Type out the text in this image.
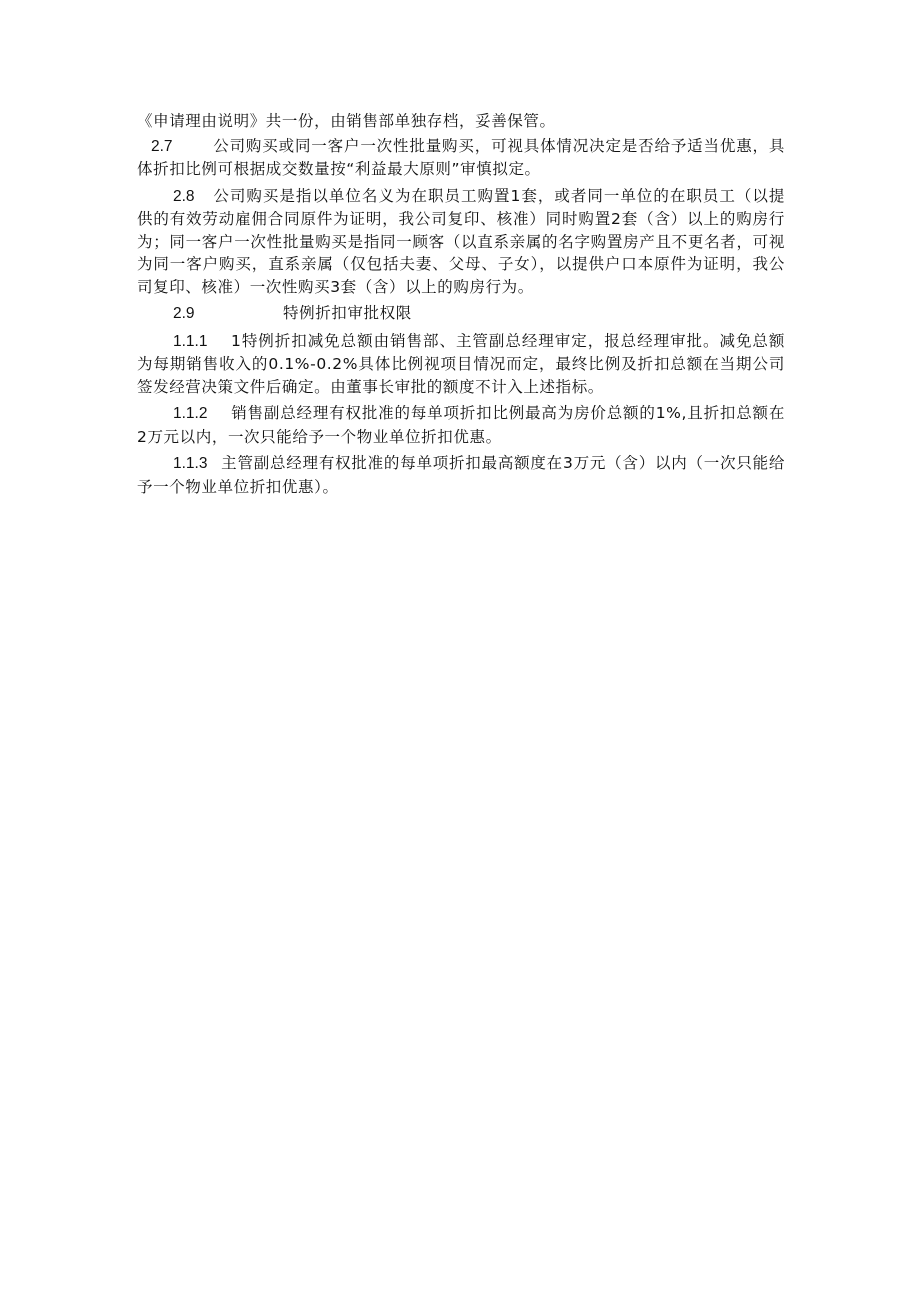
《申请理由说明》共一份，由销售部单独存档，妥善保管。

2.7	公司购买或同一客户一次性批量购买，可视具体情况决定是否给予适当优惠，具体折扣比例可根据成交数量按“利益最大原则”审慎拟定。

2.8 公司购买是指以单位名义为在职员工购置1套，或者同一单位的在职员工（以提供的有效劳动雇佣合同原件为证明，我公司复印、核准）同时购置2套（含）以上的购房行为；同一客户一次性批量购买是指同一顾客（以直系亲属的名字购置房产且不更名者，可视为同一客户购买，直系亲属（仅包括夫妻、父母、子女），以提供户口本原件为证明，我公司复印、核准）一次性购买3套（含）以上的购房行为。

2.9	特例折扣审批权限

1.1.1 1特例折扣减免总额由销售部、主管副总经理审定，报总经理审批。减免总额为每期销售收入的0.1%-0.2%具体比例视项目情况而定，最终比例及折扣总额在当期公司签发经营决策文件后确定。由董事长审批的额度不计入上述指标。

1.1.2 销售副总经理有权批准的每单项折扣比例最高为房价总额的1%,且折扣总额在2万元以内，一次只能给予一个物业单位折扣优惠。

1.1.3 主管副总经理有权批准的每单项折扣最高额度在3万元（含）以内（一次只能给予一个物业单位折扣优惠）。
